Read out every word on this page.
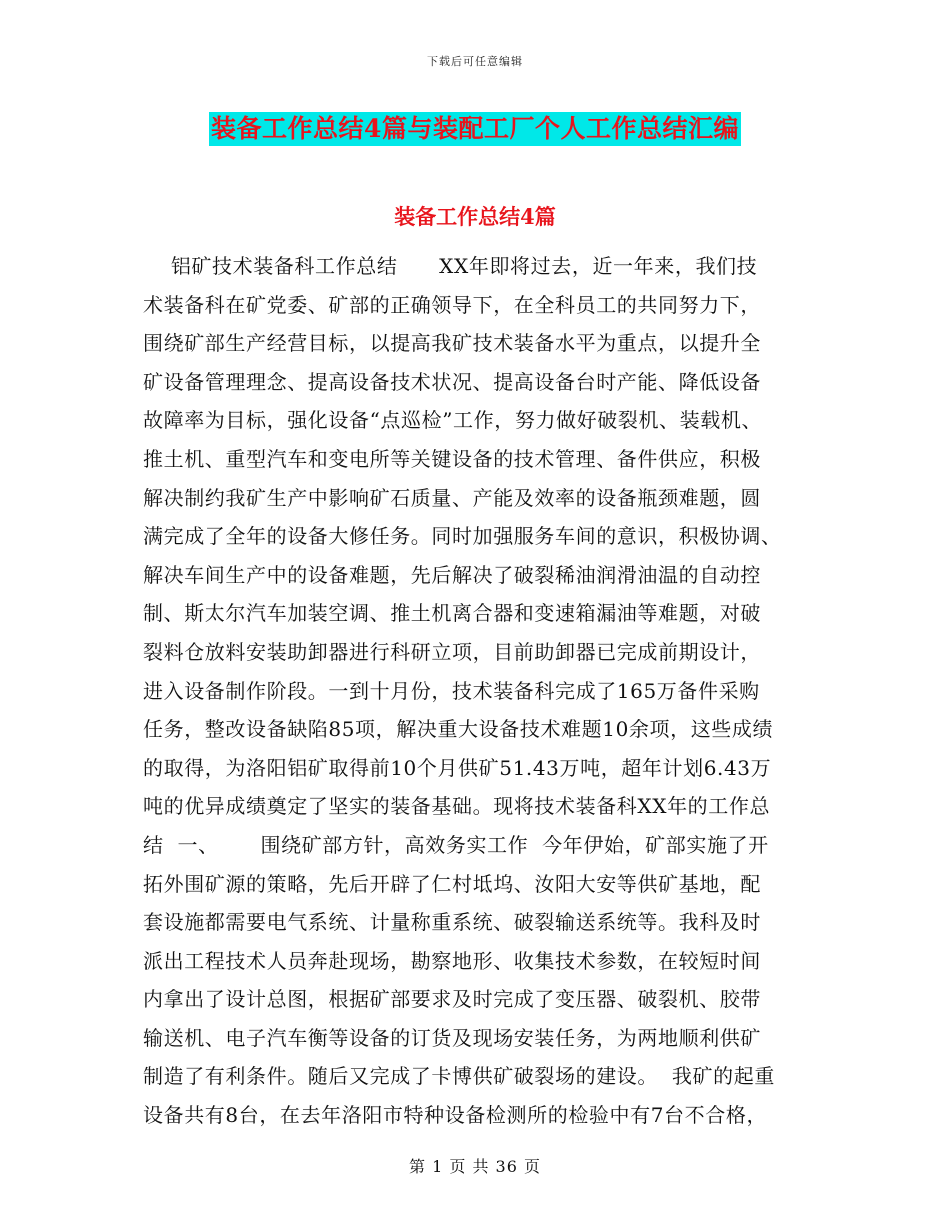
下载后可任意编辑
装备工作总结4篇与装配工厂个人工作总结汇编
装备工作总结4篇
铝矿技术装备科工作总结      XX年即将过去，近一年来，我们技
术装备科在矿党委、矿部的正确领导下，在全科员工的共同努力下，
围绕矿部生产经营目标，以提高我矿技术装备水平为重点，以提升全
矿设备管理理念、提高设备技术状况、提高设备台时产能、降低设备
故障率为目标，强化设备“点巡检”工作，努力做好破裂机、装载机、
推土机、重型汽车和变电所等关键设备的技术管理、备件供应，积极
解决制约我矿生产中影响矿石质量、产能及效率的设备瓶颈难题，圆
满完成了全年的设备大修任务。同时加强服务车间的意识，积极协调、
解决车间生产中的设备难题，先后解决了破裂稀油润滑油温的自动控
制、斯太尔汽车加装空调、推土机离合器和变速箱漏油等难题，对破
裂料仓放料安装助卸器进行科研立项，目前助卸器已完成前期设计，
进入设备制作阶段。一到十月份，技术装备科完成了165万备件采购
任务，整改设备缺陷85项，解决重大设备技术难题10余项，这些成绩
的取得，为洛阳铝矿取得前10个月供矿51.43万吨，超年计划6.43万
吨的优异成绩奠定了坚实的装备基础。现将技术装备科XX年的工作总
结  一、      围绕矿部方针，高效务实工作  今年伊始，矿部实施了开
拓外围矿源的策略，先后开辟了仁村坻坞、汝阳大安等供矿基地，配
套设施都需要电气系统、计量称重系统、破裂输送系统等。我科及时
派出工程技术人员奔赴现场，勘察地形、收集技术参数，在较短时间
内拿出了设计总图，根据矿部要求及时完成了变压器、破裂机、胶带
输送机、电子汽车衡等设备的订货及现场安装任务，为两地顺利供矿
制造了有利条件。随后又完成了卡博供矿破裂场的建设。  我矿的起重
设备共有8台，在去年洛阳市特种设备检测所的检验中有7台不合格，
第 1 页 共 36 页
